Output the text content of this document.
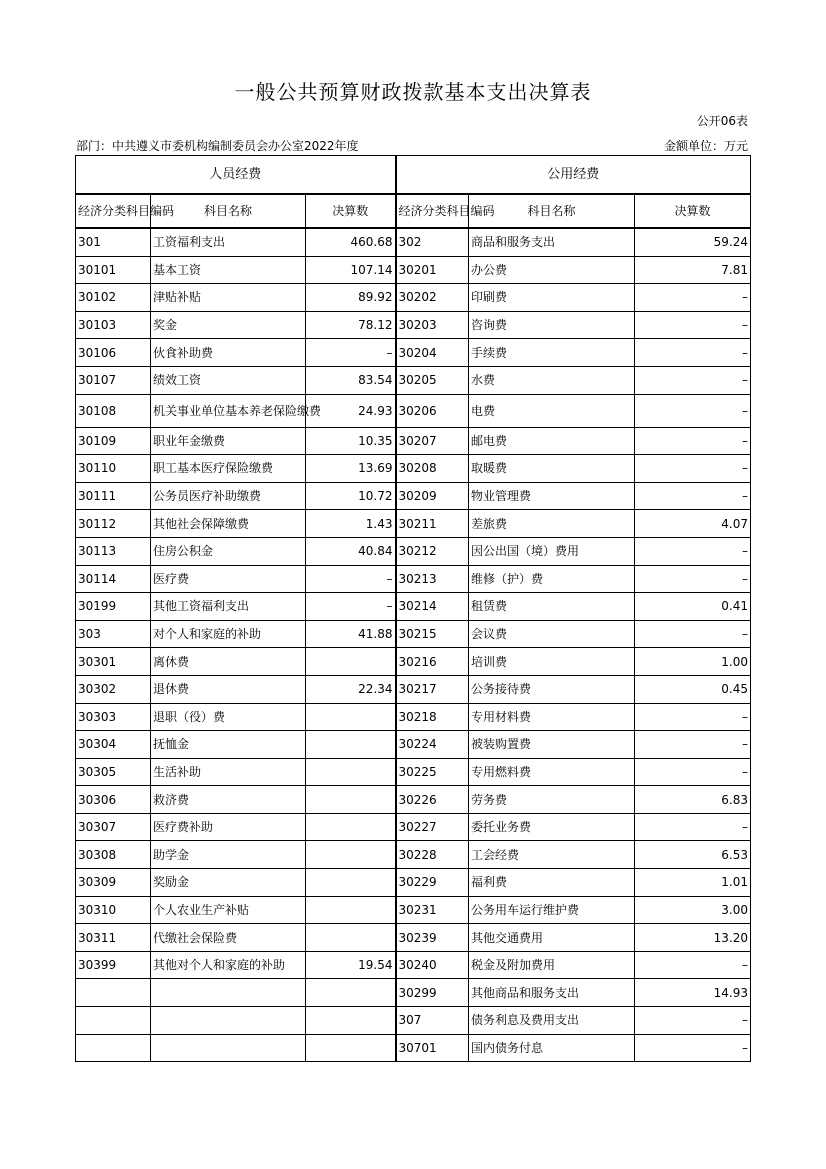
一般公共预算财政拨款基本支出决算表
公开06表
部门：中共遵义市委机构编制委员会办公室2022年度	金额单位：万元
人员经费			公用经费		
经济分类科目编码	科目名称	决算数	经济分类科目编码	科目名称	决算数
301	工资福利支出	460.68	302	商品和服务支出	59.24
30101	基本工资	107.14	30201	办公费	7.81
30102	津贴补贴	89.92	30202	印刷费	–
30103	奖金	78.12	30203	咨询费	–
30106	伙食补助费	–	30204	手续费	–
30107	绩效工资	83.54	30205	水费	–
30108	机关事业单位基本养老保险缴费	24.93	30206	电费	–
30109	职业年金缴费	10.35	30207	邮电费	–
30110	职工基本医疗保险缴费	13.69	30208	取暖费	–
30111	公务员医疗补助缴费	10.72	30209	物业管理费	–
30112	其他社会保障缴费	1.43	30211	差旅费	4.07
30113	住房公积金	40.84	30212	因公出国（境）费用	–
30114	医疗费	–	30213	维修（护）费	–
30199	其他工资福利支出	–	30214	租赁费	0.41
303	对个人和家庭的补助	41.88	30215	会议费	–
30301	离休费		30216	培训费	1.00
30302	退休费	22.34	30217	公务接待费	0.45
30303	退职（役）费		30218	专用材料费	–
30304	抚恤金		30224	被装购置费	–
30305	生活补助		30225	专用燃料费	–
30306	救济费		30226	劳务费	6.83
30307	医疗费补助		30227	委托业务费	–
30308	助学金		30228	工会经费	6.53
30309	奖励金		30229	福利费	1.01
30310	个人农业生产补贴		30231	公务用车运行维护费	3.00
30311	代缴社会保险费		30239	其他交通费用	13.20
30399	其他对个人和家庭的补助	19.54	30240	税金及附加费用	–
			30299	其他商品和服务支出	14.93
			307	债务利息及费用支出	–
			30701	国内债务付息	–
